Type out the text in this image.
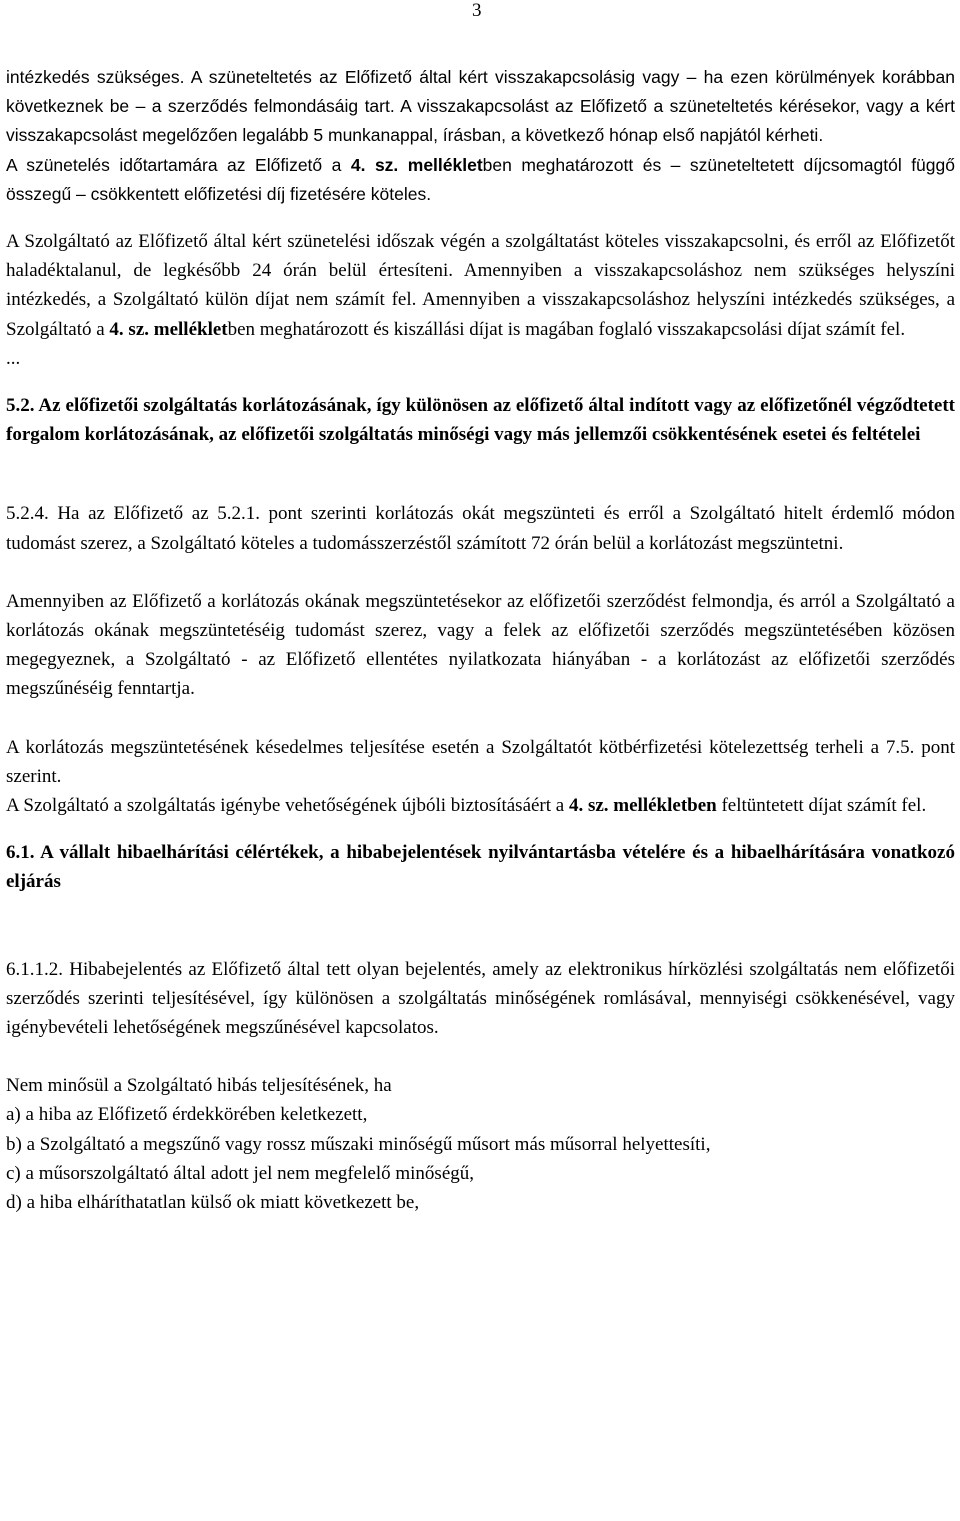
3

intézkedés szükséges. A szüneteltetés az Előfizető által kért visszakapcsolásig vagy – ha ezen körülmények korábban következnek be – a szerződés felmondásáig tart. A visszakapcsolást az Előfizető a szüneteltetés kérésekor, vagy a kért visszakapcsolást megelőzően legalább 5 munkanappal, írásban, a következő hónap első napjától kérheti.

A szünetelés időtartamára az Előfizető a 4. sz. mellékletben meghatározott és – szüneteltetett díjcsomagtól függő összegű – csökkentett előfizetési díj fizetésére köteles.

A Szolgáltató az Előfizető által kért szünetelési időszak végén a szolgáltatást köteles visszakapcsolni, és erről az Előfizetőt haladéktalanul, de legkésőbb 24 órán belül értesíteni. Amennyiben a visszakapcsoláshoz nem szükséges helyszíni intézkedés, a Szolgáltató külön díjat nem számít fel. Amennyiben a visszakapcsoláshoz helyszíni intézkedés szükséges, a Szolgáltató a 4. sz. mellékletben meghatározott és kiszállási díjat is magában foglaló visszakapcsolási díjat számít fel.

...

5.2. Az előfizetői szolgáltatás korlátozásának, így különösen az előfizető által indított vagy az előfizetőnél végződtetett forgalom korlátozásának, az előfizetői szolgáltatás minőségi vagy más jellemzői csökkentésének esetei és feltételei

5.2.4. Ha az Előfizető az 5.2.1. pont szerinti korlátozás okát megszünteti és erről a Szolgáltató hitelt érdemlő módon tudomást szerez, a Szolgáltató köteles a tudomásszerzéstől számított 72 órán belül a korlátozást megszüntetni.

Amennyiben az Előfizető a korlátozás okának megszüntetésekor az előfizetői szerződést felmondja, és arról a Szolgáltató a korlátozás okának megszüntetéséig tudomást szerez, vagy a felek az előfizetői szerződés megszüntetésében közösen megegyeznek, a Szolgáltató - az Előfizető ellentétes nyilatkozata hiányában - a korlátozást az előfizetői szerződés megszűnéséig fenntartja.

A korlátozás megszüntetésének késedelmes teljesítése esetén a Szolgáltatót kötbérfizetési kötelezettség terheli a 7.5. pont szerint.

A Szolgáltató a szolgáltatás igénybe vehetőségének újbóli biztosításáért a 4. sz. mellékletben feltüntetett díjat számít fel.

6.1. A vállalt hibaelhárítási célértékek, a hibabejelentések nyilvántartásba vételére és a hibaelhárítására vonatkozó eljárás

6.1.1.2. Hibabejelentés az Előfizető által tett olyan bejelentés, amely az elektronikus hírközlési szolgáltatás nem előfizetői szerződés szerinti teljesítésével, így különösen a szolgáltatás minőségének romlásával, mennyiségi csökkenésével, vagy igénybevételi lehetőségének megszűnésével kapcsolatos.

Nem minősül a Szolgáltató hibás teljesítésének, ha

a) a hiba az Előfizető érdekkörében keletkezett,

b) a Szolgáltató a megszűnő vagy rossz műszaki minőségű műsort más műsorral helyettesíti,

c) a műsorszolgáltató által adott jel nem megfelelő minőségű,

d) a hiba elháríthatatlan külső ok miatt következett be,
